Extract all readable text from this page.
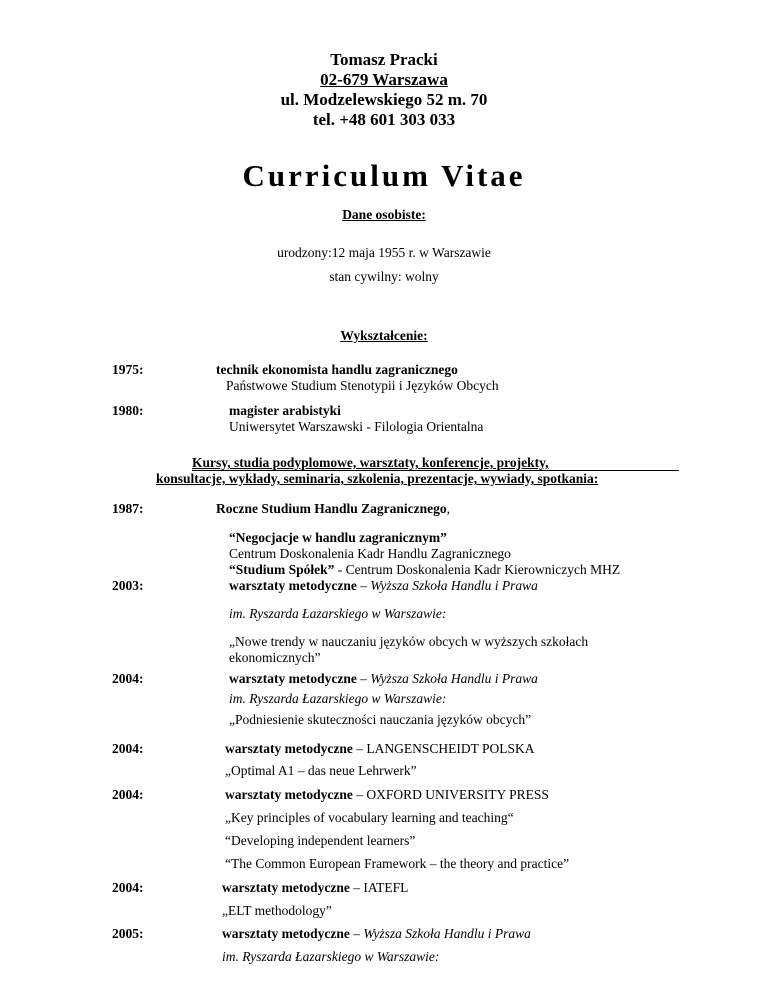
Tomasz Pracki
02-679 Warszawa
ul. Modzelewskiego 52 m. 70
tel. +48 601 303 033
Curriculum Vitae
Dane osobiste:
urodzony:12 maja 1955 r. w Warszawie
stan cywilny: wolny
Wykształcenie:
1975:	technik ekonomista handlu zagranicznego
Państwowe Studium Stenotypii i Języków Obcych
1980:	magister arabistyki
Uniwersytet Warszawski - Filologia Orientalna
Kursy, studia podyplomowe, warsztaty, konferencje, projekty,
konsultacje, wykłady, seminaria, szkolenia, prezentacje, wywiady, spotkania:
1987:	Roczne Studium Handlu Zagranicznego,
“Negocjacje w handlu zagranicznym”
Centrum Doskonalenia Kadr Handlu Zagranicznego
“Studium Spółek” - Centrum Doskonalenia Kadr Kierowniczych MHZ
2003:	warsztaty metodyczne – Wyższa Szkoła Handlu i Prawa
im. Ryszarda Łazarskiego w Warszawie:
„Nowe trendy w nauczaniu języków obcych w wyższych szkołach
ekonomicznych”
2004:	warsztaty metodyczne – Wyższa Szkoła Handlu i Prawa
im. Ryszarda Łazarskiego w Warszawie:
„Podniesienie skuteczności nauczania języków obcych”
2004:	warsztaty metodyczne – LANGENSCHEIDT POLSKA
„Optimal A1 – das neue Lehrwerk”
2004:	warsztaty metodyczne – OXFORD UNIVERSITY PRESS
„Key principles of vocabulary learning and teaching“
“Developing independent learners”
“The Common European Framework – the theory and practice”
2004:	warsztaty metodyczne – IATEFL
„ELT methodology”
2005:	warsztaty metodyczne – Wyższa Szkoła Handlu i Prawa
im. Ryszarda Łazarskiego w Warszawie:
